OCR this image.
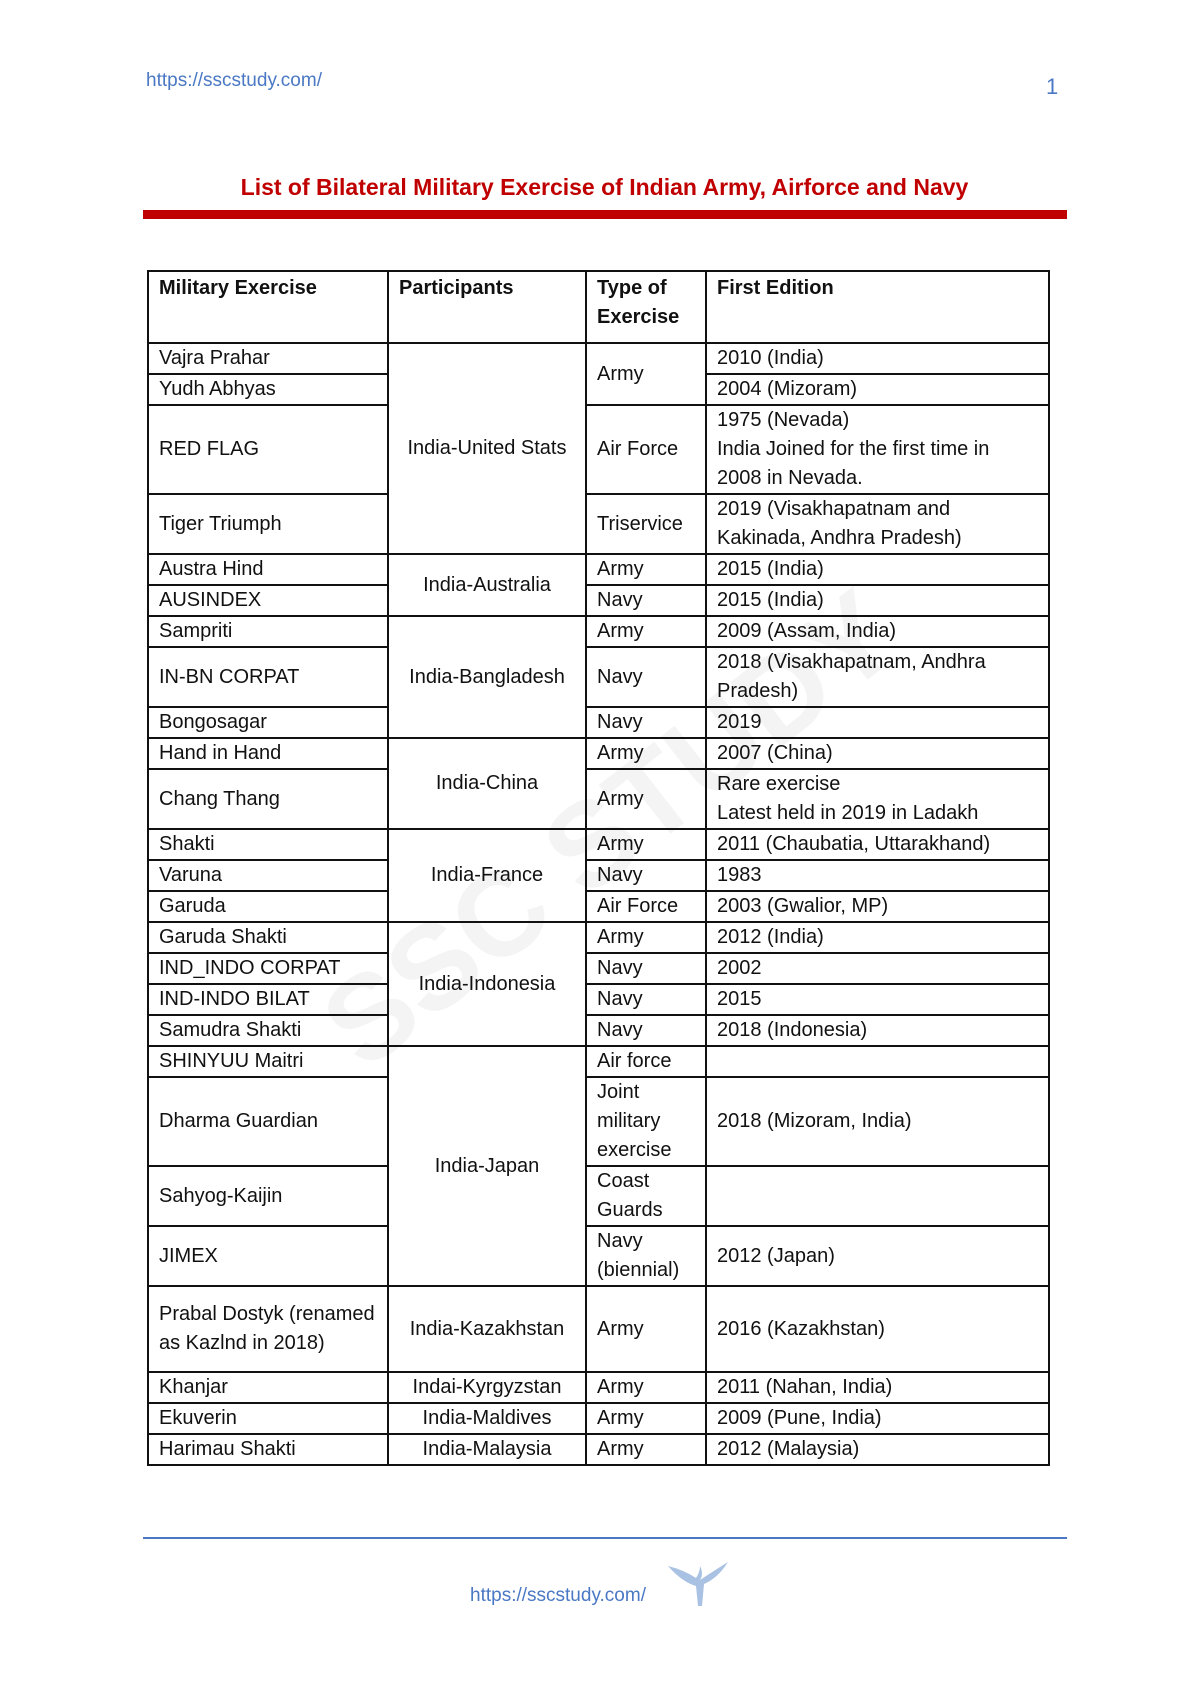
https://sscstudy.com/	1
List of Bilateral Military Exercise of Indian Army, Airforce and Navy
Military Exercise	Participants	Type of Exercise	First Edition
Vajra Prahar	India-United Stats	Army	2010 (India)
Yudh Abhyas			2004 (Mizoram)
RED FLAG		Air Force	1975 (Nevada)
India Joined for the first time in 2008 in Nevada.
Tiger Triumph		Triservice	2019 (Visakhapatnam and Kakinada, Andhra Pradesh)
Austra Hind	India-Australia	Army	2015 (India)
AUSINDEX		Navy	2015 (India)
Sampriti	India-Bangladesh	Army	2009 (Assam, India)
IN-BN CORPAT		Navy	2018 (Visakhapatnam, Andhra Pradesh)
Bongosagar		Navy	2019
Hand in Hand	India-China	Army	2007 (China)
Chang Thang		Army	Rare exercise
Latest held in 2019 in Ladakh
Shakti	India-France	Army	2011 (Chaubatia, Uttarakhand)
Varuna		Navy	1983
Garuda		Air Force	2003 (Gwalior, MP)
Garuda Shakti	India-Indonesia	Army	2012 (India)
IND_INDO CORPAT		Navy	2002
IND-INDO BILAT		Navy	2015
Samudra Shakti		Navy	2018 (Indonesia)
SHINYUU Maitri	India-Japan	Air force	
Dharma Guardian		Joint military exercise	2018 (Mizoram, India)
Sahyog-Kaijin		Coast Guards	
JIMEX		Navy (biennial)	2012 (Japan)
Prabal Dostyk (renamed as Kazlnd in 2018)	India-Kazakhstan	Army	2016 (Kazakhstan)
Khanjar	Indai-Kyrgyzstan	Army	2011 (Nahan, India)
Ekuverin	India-Maldives	Army	2009 (Pune, India)
Harimau Shakti	India-Malaysia	Army	2012 (Malaysia)
https://sscstudy.com/
